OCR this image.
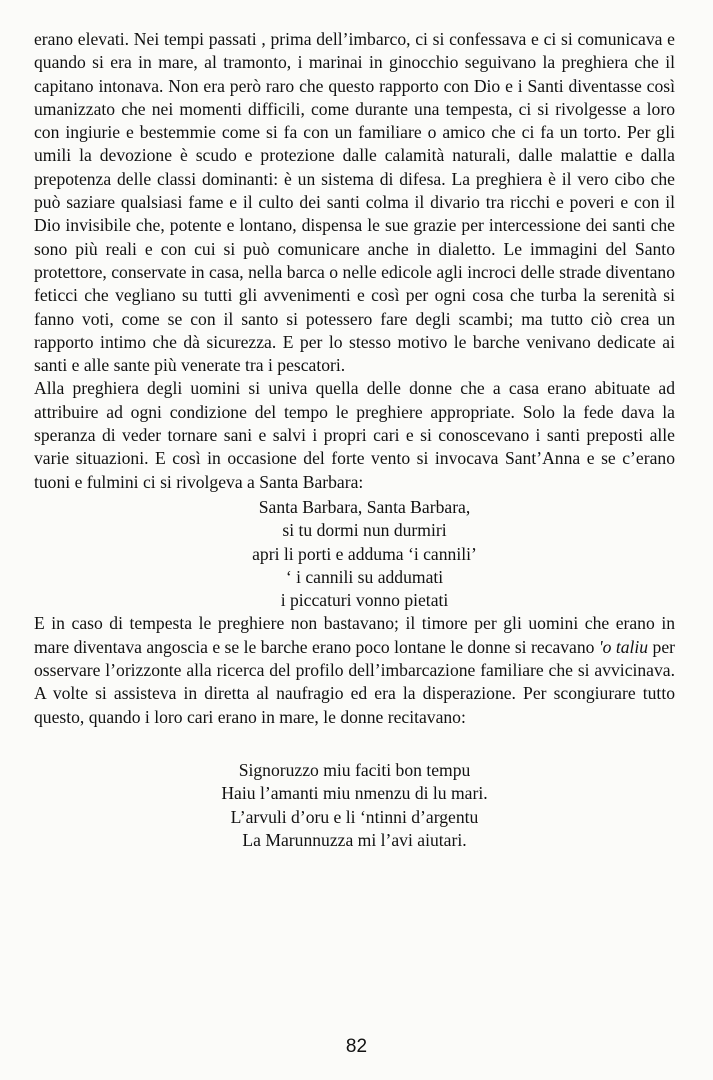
erano elevati. Nei tempi passati , prima dell’imbarco, ci si confessava e ci si comunicava e quando si era in mare, al tramonto, i marinai in ginocchio seguivano la preghiera che il capitano intonava. Non era però raro che questo rapporto con Dio e i Santi diventasse così umanizzato che nei momenti difficili, come durante una tempesta, ci si rivolgesse a loro con ingiurie e bestemmie come si fa con un familiare o amico che ci fa un torto. Per gli umili la devozione è scudo e protezione dalle calamità naturali, dalle malattie e dalla prepotenza delle classi dominanti: è un sistema di difesa. La preghiera è il vero cibo che può saziare qualsiasi fame e il culto dei santi colma il divario tra ricchi e poveri e con il Dio invisibile che, potente e lontano, dispensa le sue grazie per intercessione dei santi che sono più reali e con cui si può comunicare anche in dialetto. Le immagini del Santo protettore, conservate in casa, nella barca o nelle edicole agli incroci delle strade diventano feticci che vegliano su tutti gli avvenimenti e così per ogni cosa che turba la serenità si fanno voti, come se con il santo si potessero fare degli scambi; ma tutto ciò crea un rapporto intimo che dà sicurezza. E per lo stesso motivo le barche venivano dedicate ai santi e alle sante più venerate tra i pescatori.

Alla preghiera degli uomini si univa quella delle donne che a casa erano abituate ad attribuire ad ogni condizione del tempo le preghiere appropriate. Solo la fede dava la speranza di veder tornare sani e salvi i propri cari e si conoscevano i santi preposti alle varie situazioni. E così in occasione del forte vento si invocava Sant’Anna e se c’erano tuoni e fulmini ci si rivolgeva a Santa Barbara:

Santa Barbara, Santa Barbara,
si tu dormi nun durmiri
apri li porti e adduma ‘i cannili’
‘ i cannili su addumati
i piccaturi vonno pietati

E in caso di tempesta le preghiere non bastavano; il timore per gli uomini che erano in mare diventava angoscia e se le barche erano poco lontane le donne si recavano 'o taliu per osservare l’orizzonte alla ricerca del profilo dell’imbarcazione familiare che si avvicinava. A volte si assisteva in diretta al naufragio ed era la disperazione. Per scongiurare tutto questo, quando i loro cari erano in mare, le donne recitavano:

Signoruzzo miu faciti bon tempu
Haiu l’amanti miu nmenzu di lu mari.
L’arvuli d’oru e li ‘ntinni d’argentu
La Marunnuzza mi l’avi aiutari.
82
